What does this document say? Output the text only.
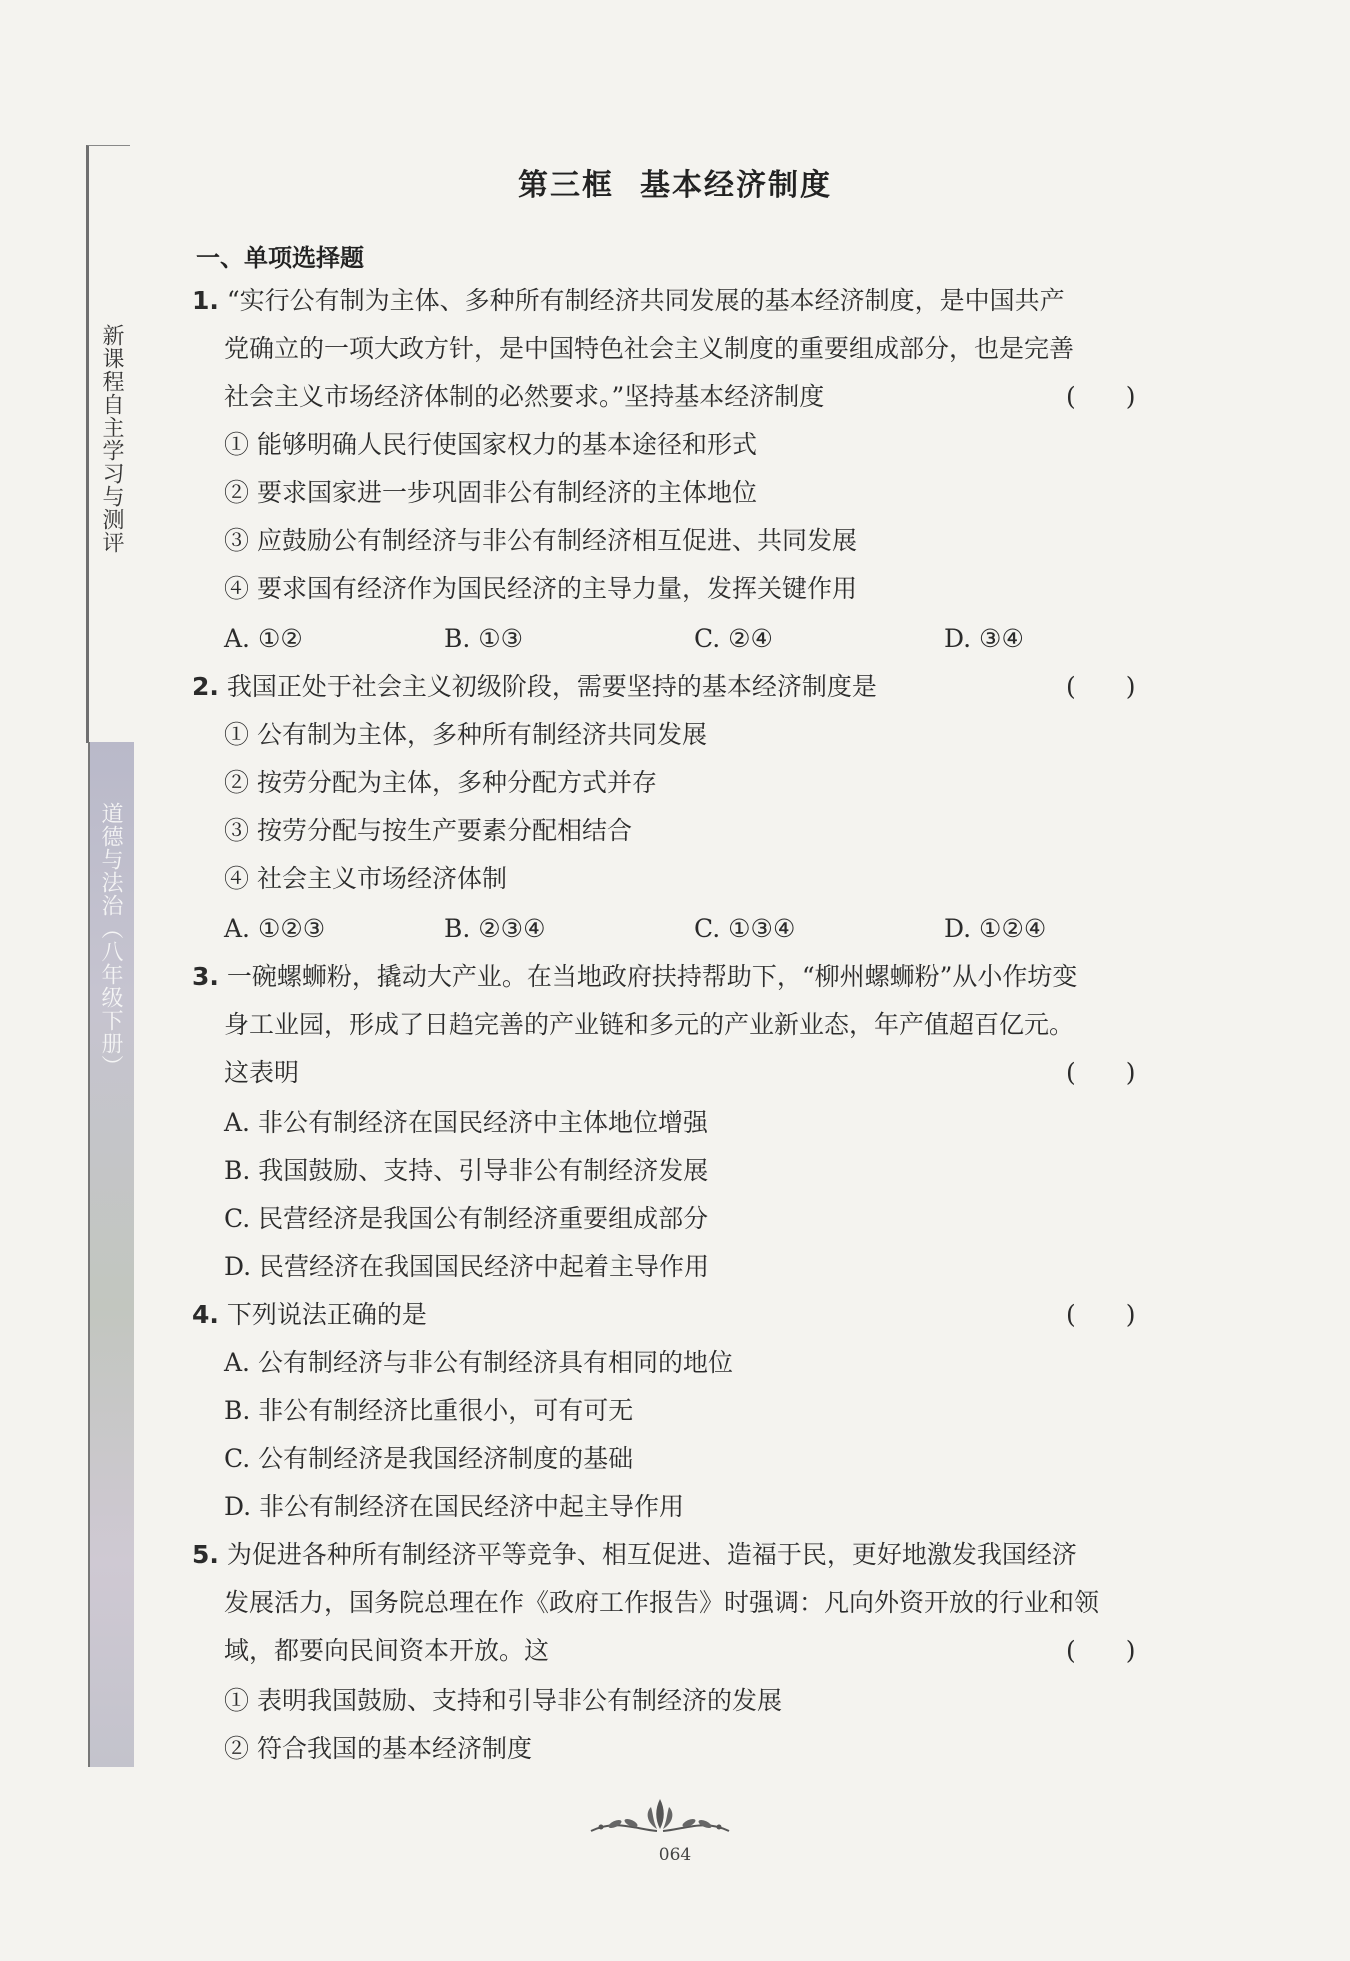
新课程自主学习与测评
道德与法治（八年级下册）
第三框 基本经济制度
一、单项选择题
1. “实行公有制为主体、多种所有制经济共同发展的基本经济制度，是中国共产
党确立的一项大政方针，是中国特色社会主义制度的重要组成部分，也是完善
社会主义市场经济体制的必然要求。”坚持基本经济制度	(　　)
① 能够明确人民行使国家权力的基本途径和形式
② 要求国家进一步巩固非公有制经济的主体地位
③ 应鼓励公有制经济与非公有制经济相互促进、共同发展
④ 要求国有经济作为国民经济的主导力量，发挥关键作用
A. ①②	B. ①③	C. ②④	D. ③④
2. 我国正处于社会主义初级阶段，需要坚持的基本经济制度是	(　　)
① 公有制为主体，多种所有制经济共同发展
② 按劳分配为主体，多种分配方式并存
③ 按劳分配与按生产要素分配相结合
④ 社会主义市场经济体制
A. ①②③	B. ②③④	C. ①③④	D. ①②④
3. 一碗螺蛳粉，撬动大产业。在当地政府扶持帮助下，“柳州螺蛳粉”从小作坊变
身工业园，形成了日趋完善的产业链和多元的产业新业态，年产值超百亿元。
这表明	(　　)
A. 非公有制经济在国民经济中主体地位增强
B. 我国鼓励、支持、引导非公有制经济发展
C. 民营经济是我国公有制经济重要组成部分
D. 民营经济在我国国民经济中起着主导作用
4. 下列说法正确的是	(　　)
A. 公有制经济与非公有制经济具有相同的地位
B. 非公有制经济比重很小，可有可无
C. 公有制经济是我国经济制度的基础
D. 非公有制经济在国民经济中起主导作用
5. 为促进各种所有制经济平等竞争、相互促进、造福于民，更好地激发我国经济
发展活力，国务院总理在作《政府工作报告》时强调：凡向外资开放的行业和领
域，都要向民间资本开放。这	(　　)
① 表明我国鼓励、支持和引导非公有制经济的发展
② 符合我国的基本经济制度
064
